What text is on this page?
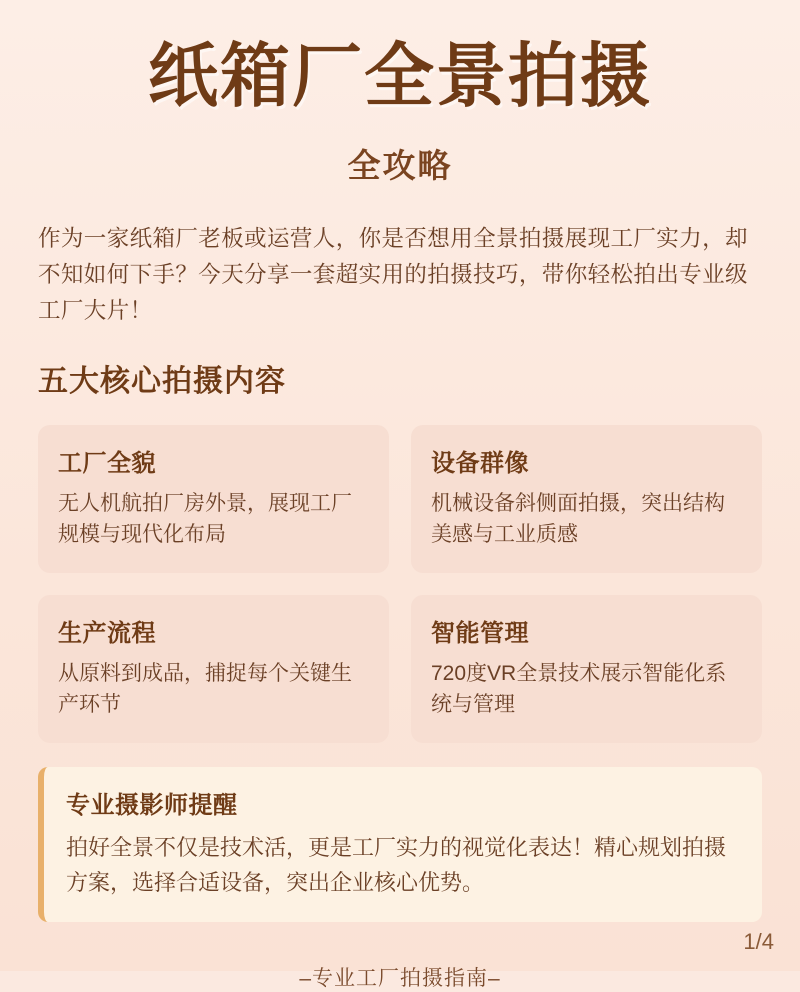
纸箱厂全景拍摄
全攻略

作为一家纸箱厂老板或运营人，你是否想用全景拍摄展现工厂实力，却不知如何下手？今天分享一套超实用的拍摄技巧，带你轻松拍出专业级工厂大片！

五大核心拍摄内容
工厂全貌
无人机航拍厂房外景，展现工厂规模与现代化布局
设备群像
机械设备斜侧面拍摄，突出结构美感与工业质感
生产流程
从原料到成品，捕捉每个关键生产环节
智能管理
720度VR全景技术展示智能化系统与管理
专业摄影师提醒
拍好全景不仅是技术活，更是工厂实力的视觉化表达！精心规划拍摄方案，选择合适设备，突出企业核心优势。
–专业工厂拍摄指南–
1/4
